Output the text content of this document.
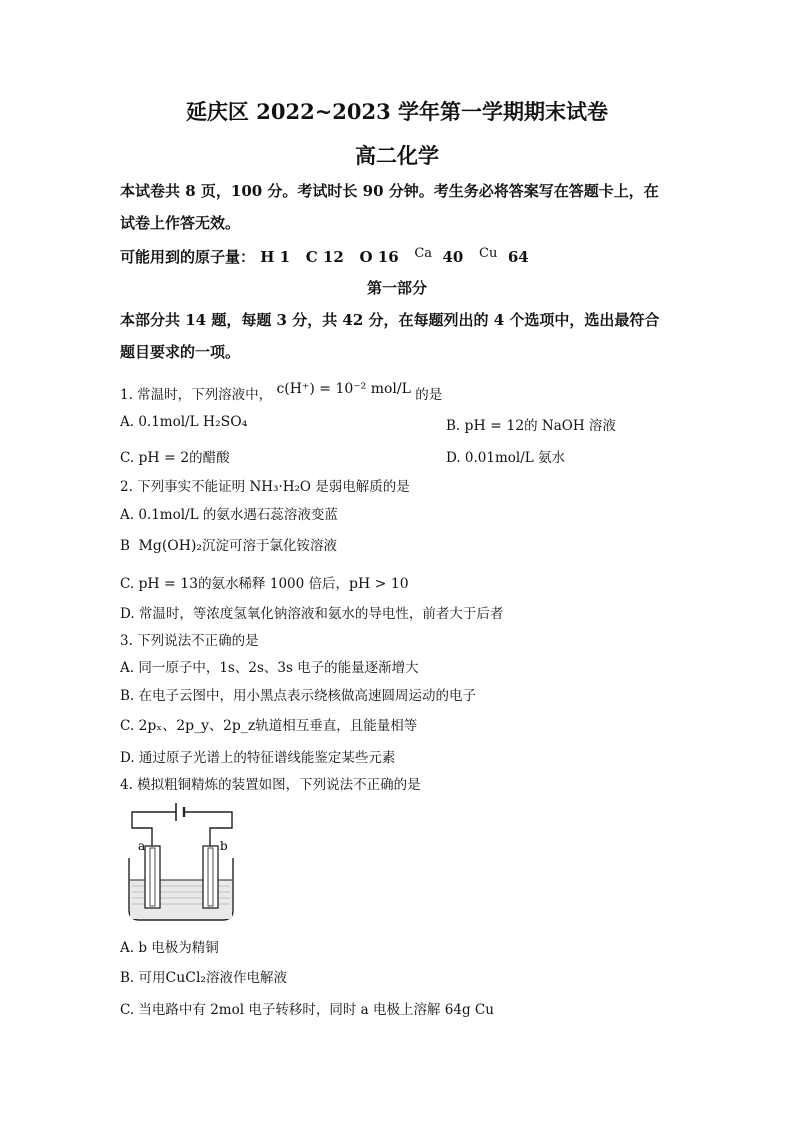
延庆区 2022~2023 学年第一学期期末试卷
高二化学
本试卷共 8 页，100 分。考试时长 90 分钟。考生务必将答案写在答题卡上，在
试卷上作答无效。
可能用到的原子量： H 1 C 12 O 16 Ca 40 Cu 64
第一部分
本部分共 14 题，每题 3 分，共 42 分，在每题列出的 4 个选项中，选出最符合
题目要求的一项。
1. 常温时，下列溶液中， c(H⁺) = 10⁻² mol/L 的是
A. 0.1mol/L H₂SO₄	B. pH = 12的 NaOH 溶液
C. pH = 2的醋酸	D. 0.01mol/L 氨水
2. 下列事实不能证明 NH₃·H₂O 是弱电解质的是
A. 0.1mol/L 的氨水遇石蕊溶液变蓝
B Mg(OH)₂沉淀可溶于氯化铵溶液
C. pH = 13的氨水稀释 1000 倍后，pH > 10
D. 常温时，等浓度氢氧化钠溶液和氨水的导电性，前者大于后者
3. 下列说法不正确的是
A. 同一原子中，1s、2s、3s 电子的能量逐渐增大
B. 在电子云图中，用小黑点表示绕核做高速圆周运动的电子
C. 2pₓ、2p_y、2p_z轨道相互垂直，且能量相等
D. 通过原子光谱上的特征谱线能鉴定某些元素
4. 模拟粗铜精炼的装置如图，下列说法不正确的是
a	b
A. b 电极为精铜
B. 可用CuCl₂溶液作电解液
C. 当电路中有 2mol 电子转移时，同时 a 电极上溶解 64g Cu
